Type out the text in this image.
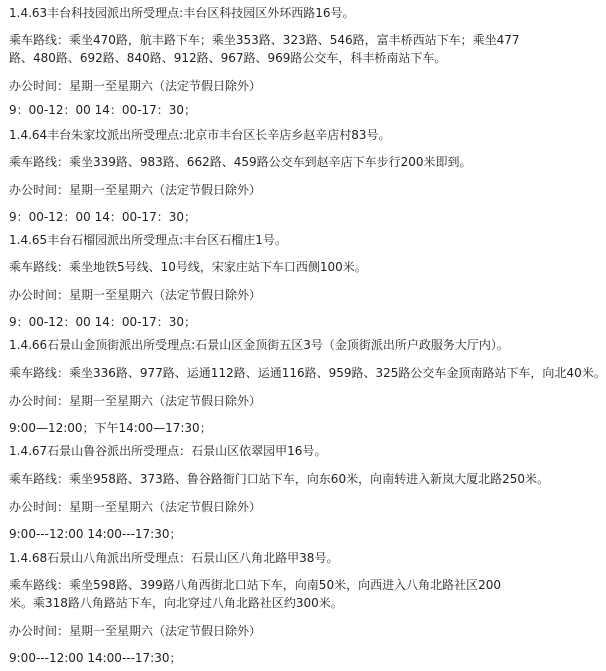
1.4.63丰台科技园派出所受理点:丰台区科技园区外环西路16号。
乘车路线：乘坐470路，航丰路下车；乘坐353路、323路、546路，富丰桥西站下车；乘坐477路、480路、692路、840路、912路、967路、969路公交车，科丰桥南站下车。
办公时间：星期一至星期六（法定节假日除外）
9：00-12：00 14：00-17：30；
1.4.64丰台朱家坟派出所受理点:北京市丰台区长辛店乡赵辛店村83号。
乘车路线：乘坐339路、983路、662路、459路公交车到赵辛店下车步行200米即到。
办公时间：星期一至星期六（法定节假日除外）
9：00-12：00 14：00-17：30；
1.4.65丰台石榴园派出所受理点:丰台区石榴庄1号。
乘车路线：乘坐地铁5号线、10号线，宋家庄站下车口西侧100米。
办公时间：星期一至星期六（法定节假日除外）
9：00-12：00 14：00-17：30；
1.4.66石景山金顶街派出所受理点:石景山区金顶街五区3号（金顶街派出所户政服务大厅内）。
乘车路线：乘坐336路、977路、运通112路、运通116路、959路、325路公交车金顶南路站下车，向北40米。
办公时间：星期一至星期六（法定节假日除外）
9:00—12:00；下午14:00—17:30；
1.4.67石景山鲁谷派出所受理点：石景山区依翠园甲16号。
乘车路线：乘坐958路、373路、鲁谷路衙门口站下车，向东60米，向南转进入新岚大厦北路250米。
办公时间：星期一至星期六（法定节假日除外）
9:00---12:00 14:00---17:30；
1.4.68石景山八角派出所受理点：石景山区八角北路甲38号。
乘车路线：乘坐598路、399路八角西街北口站下车，向南50米，向西进入八角北路社区200米。乘318路八角路站下车，向北穿过八角北路社区约300米。
办公时间：星期一至星期六（法定节假日除外）
9:00---12:00 14:00---17:30；
